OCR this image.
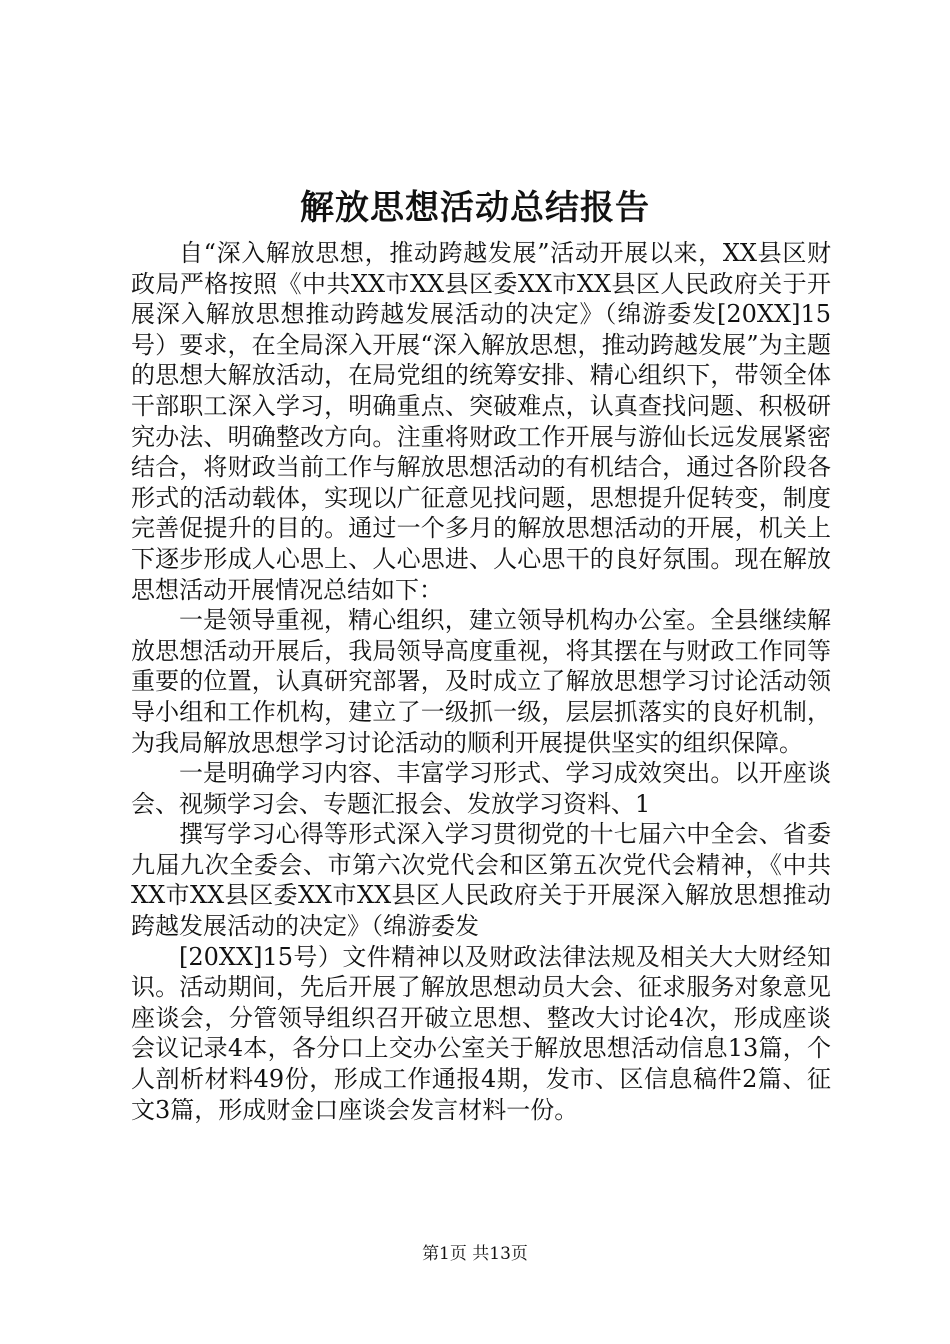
解放思想活动总结报告

自“深入解放思想，推动跨越发展”活动开展以来，XX县区财政局严格按照《中共XX市XX县区委XX市XX县区人民政府关于开展深入解放思想推动跨越发展活动的决定》（绵游委发[20XX]15号）要求，在全局深入开展“深入解放思想，推动跨越发展”为主题的思想大解放活动，在局党组的统筹安排、精心组织下，带领全体干部职工深入学习，明确重点、突破难点，认真查找问题、积极研究办法、明确整改方向。注重将财政工作开展与游仙长远发展紧密结合，将财政当前工作与解放思想活动的有机结合，通过各阶段各形式的活动载体，实现以广征意见找问题，思想提升促转变，制度完善促提升的目的。通过一个多月的解放思想活动的开展，机关上下逐步形成人心思上、人心思进、人心思干的良好氛围。现在解放思想活动开展情况总结如下：

一是领导重视，精心组织，建立领导机构办公室。全县继续解放思想活动开展后，我局领导高度重视，将其摆在与财政工作同等重要的位置，认真研究部署，及时成立了解放思想学习讨论活动领导小组和工作机构，建立了一级抓一级，层层抓落实的良好机制，为我局解放思想学习讨论活动的顺利开展提供坚实的组织保障。

一是明确学习内容、丰富学习形式、学习成效突出。以开座谈会、视频学习会、专题汇报会、发放学习资料、1

撰写学习心得等形式深入学习贯彻党的十七届六中全会、省委九届九次全委会、市第六次党代会和区第五次党代会精神，《中共XX市XX县区委XX市XX县区人民政府关于开展深入解放思想推动跨越发展活动的决定》（绵游委发

[20XX]15号）文件精神以及财政法律法规及相关大大财经知识。活动期间，先后开展了解放思想动员大会、征求服务对象意见座谈会，分管领导组织召开破立思想、整改大讨论4次，形成座谈会议记录4本，各分口上交办公室关于解放思想活动信息13篇，个人剖析材料49份，形成工作通报4期，发市、区信息稿件2篇、征文3篇，形成财金口座谈会发言材料一份。

第1页 共13页
